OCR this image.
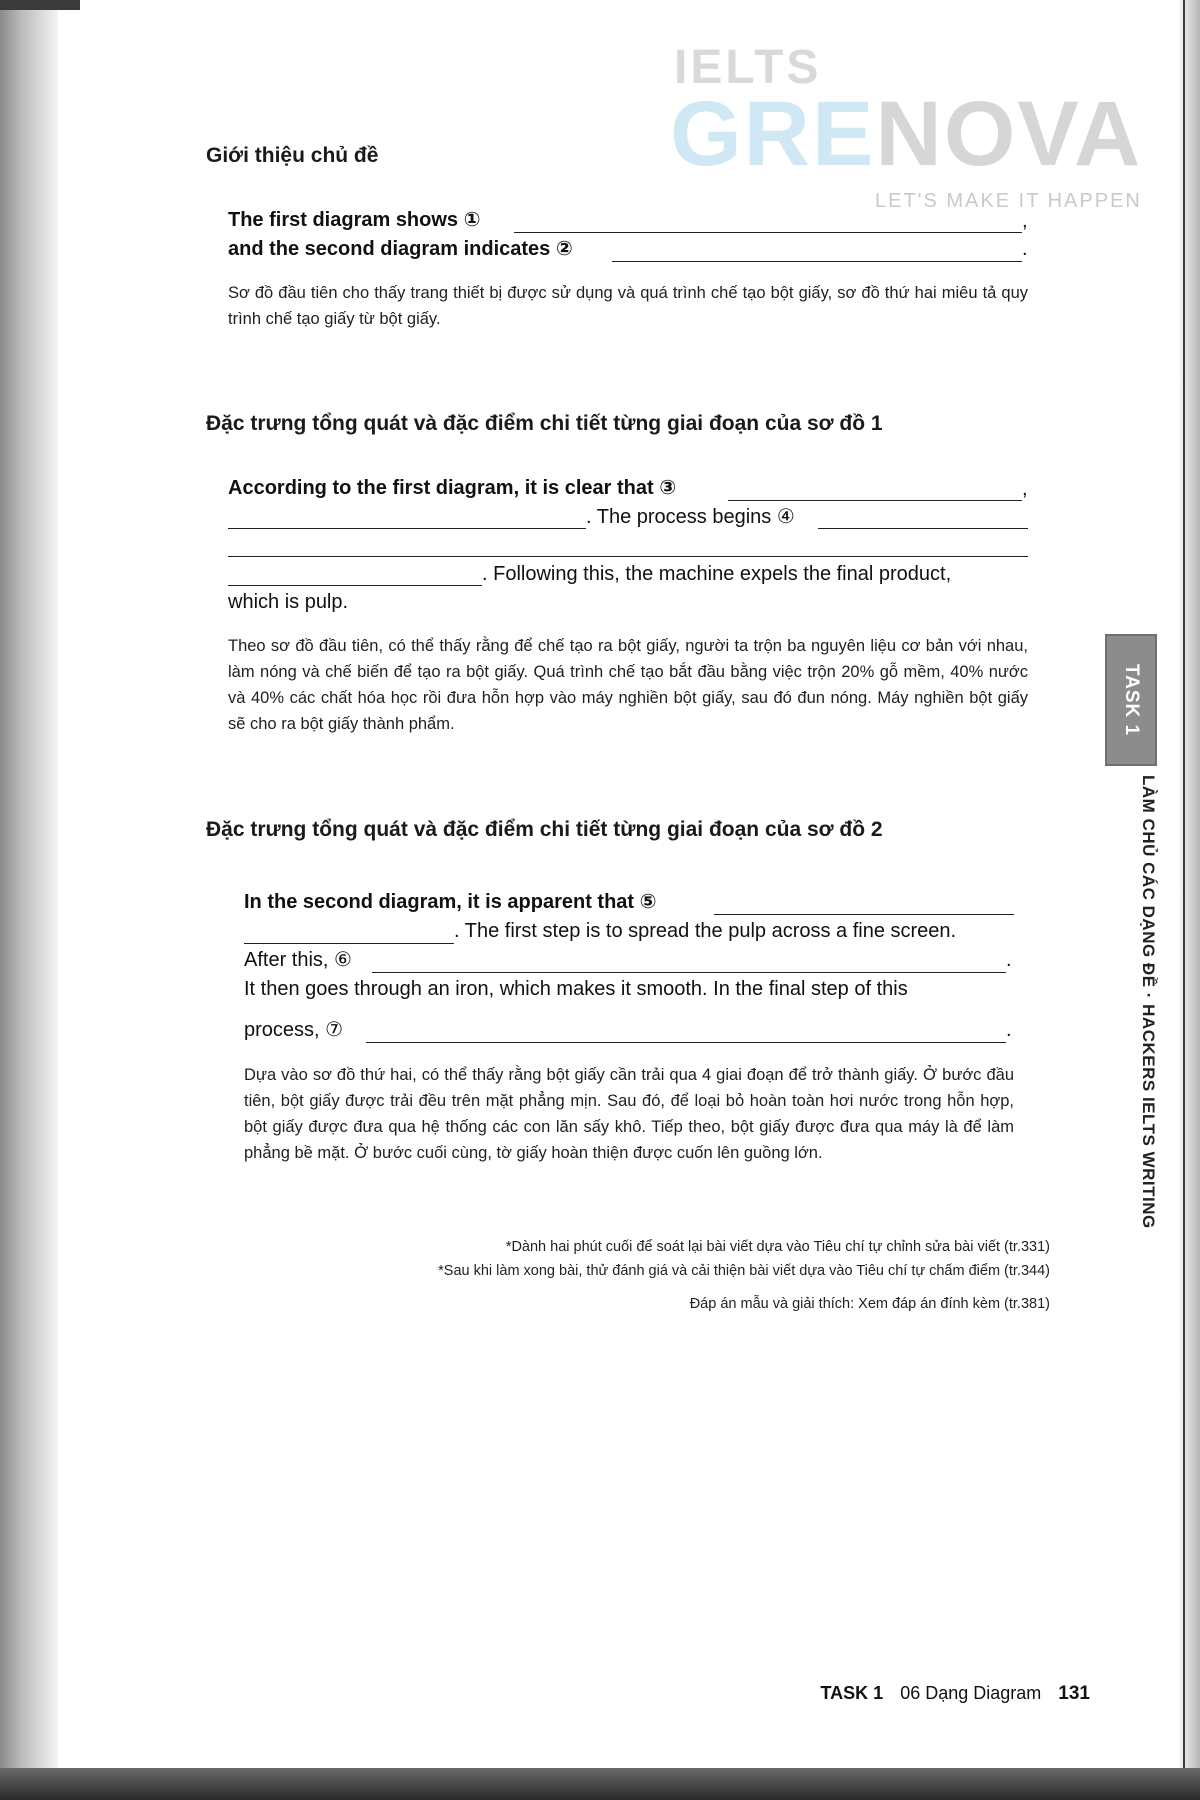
IELTS
GRENOVA
LET'S MAKE IT HAPPEN
Giới thiệu chủ đề
The first diagram shows ①	,
and the second diagram indicates ②	.
Sơ đồ đầu tiên cho thấy trang thiết bị được sử dụng và quá trình chế tạo bột giấy, sơ đồ thứ hai miêu tả quy trình chế tạo giấy từ bột giấy.
Đặc trưng tổng quát và đặc điểm chi tiết từng giai đoạn của sơ đồ 1
According to the first diagram, it is clear that ③	,
. The process begins ④
. Following this, the machine expels the final product,
which is pulp.
Theo sơ đồ đầu tiên, có thể thấy rằng để chế tạo ra bột giấy, người ta trộn ba nguyên liệu cơ bản với nhau, làm nóng và chế biến để tạo ra bột giấy. Quá trình chế tạo bắt đầu bằng việc trộn 20% gỗ mềm, 40% nước và 40% các chất hóa học rồi đưa hỗn hợp vào máy nghiền bột giấy, sau đó đun nóng. Máy nghiền bột giấy sẽ cho ra bột giấy thành phẩm.
Đặc trưng tổng quát và đặc điểm chi tiết từng giai đoạn của sơ đồ 2
In the second diagram, it is apparent that ⑤
. The first step is to spread the pulp across a fine screen.
After this, ⑥	.
It then goes through an iron, which makes it smooth. In the final step of this
process, ⑦	.
Dựa vào sơ đồ thứ hai, có thể thấy rằng bột giấy cần trải qua 4 giai đoạn để trở thành giấy. Ở bước đầu tiên, bột giấy được trải đều trên mặt phẳng mịn. Sau đó, để loại bỏ hoàn toàn hơi nước trong hỗn hợp, bột giấy được đưa qua hệ thống các con lăn sấy khô. Tiếp theo, bột giấy được đưa qua máy là để làm phẳng bề mặt. Ở bước cuối cùng, tờ giấy hoàn thiện được cuốn lên guồng lớn.
*Dành hai phút cuối để soát lại bài viết dựa vào Tiêu chí tự chỉnh sửa bài viết (tr.331)
*Sau khi làm xong bài, thử đánh giá và cải thiện bài viết dựa vào Tiêu chí tự chấm điểm (tr.344)
Đáp án mẫu và giải thích: Xem đáp án đính kèm (tr.381)
TASK 1
LÀM CHỦ CÁC DẠNG ĐỀ · HACKERS IELTS WRITING
TASK 1 06 Dạng Diagram 131
